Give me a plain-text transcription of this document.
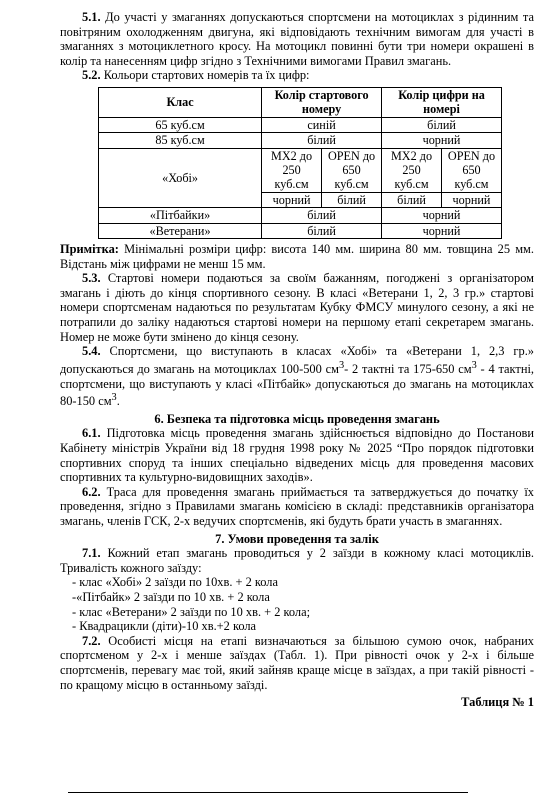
5.1. До участі у змаганнях допускаються спортсмени на мотоциклах з рідинним та повітряним охолодженням двигуна, які відповідають технічним вимогам для участі в змаганнях з мотоциклетного кросу. На мотоцикл повинні бути три номери окрашені в колір та нанесенням цифр згідно з Технічними вимогами Правил змагань.

5.2. Кольори стартових номерів та їх цифр:

Клас	Колір стартового номеру		Колір цифри на номері	

65 куб.см	синій		білий	
85 куб.см	білий		чорний	
«Хобі»	MX2 до 250 куб.см	OPEN до 650 куб.см	MX2 до 250 куб.см	OPEN до 650 куб.см
	чорний	білий	білий	чорний
«Пітбайки»	білий		чорний	
«Ветерани»	білий		чорний	

Примітка: Мінімальні розміри цифр: висота 140 мм. ширина 80 мм. товщина 25 мм. Відстань між цифрами не менш 15 мм.

5.3. Стартові номери подаються за своїм бажанням, погоджені з організатором змагань і діють до кінця спортивного сезону. В класі «Ветерани 1, 2, 3 гр.» стартові номери спортсменам надаються по результатам Кубку ФМСУ минулого сезону, а які не потрапили до заліку надаються стартові номери на першому етапі секретарем змагань. Номер не може бути змінено до кінця сезону.

5.4. Спортсмени, що виступають в класах «Хобі» та «Ветерани 1, 2,3 гр.» допускаються до змагань на мотоциклах 100-500 $см^3-$ 2 тактні та 175-650 $см^3 - 4$ тактні, спортсмени, що виступають у класі «Пітбайк» допускаються до змагань на мотоциклах 80-150 $см^3$.

6. Безпека та підготовка місць проведення змагань

6.1. Підготовка місць проведення змагань здійснюється відповідно до Постанови Кабінету міністрів України від 18 грудня 1998 року № 2025 “Про порядок підготовки спортивних споруд та інших спеціально відведених місць для проведення масових спортивних та культурно-видовищних заходів».

6.2. Траса для проведення змагань приймається та затверджується до початку їх проведення, згідно з Правилами змагань комісією в складі: представників організатора змагань, членів ГСК, 2-х ведучих спортсменів, які будуть брати участь в змаганнях.

7. Умови проведення та залік

7.1. Кожний етап змагань проводиться у 2 заїзди в кожному класі мотоциклів. Тривалість кожного заїзду:

- клас «Хобі» 2 заїзди по 10хв. + 2 кола

-«Пітбайк» 2 заїзди по 10 хв. + 2 кола

- клас «Ветерани» 2 заїзди по 10 хв. + 2 кола;

- Квадрацикли (діти)-10 хв.+2 кола

7.2. Особисті місця на етапі визначаються за більшою сумою очок, набраних спортсменом у 2-х і менше заїздах (Табл. 1). При рівності очок у 2-х і більше спортсменів, перевагу має той, який зайняв краще місце в заїздах, а при такій рівності - по кращому місцю в останньому заїзді.

Таблиця № 1
